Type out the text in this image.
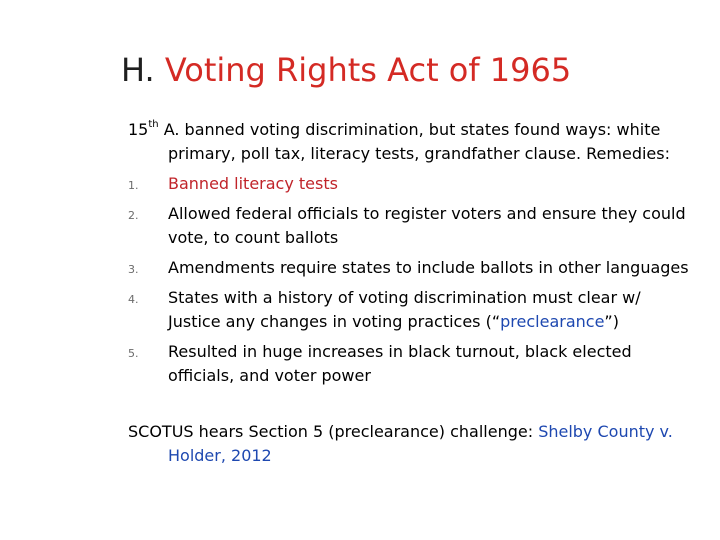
H. Voting Rights Act of 1965
15th A. banned voting discrimination, but states found ways: white primary, poll tax, literacy tests, grandfather clause. Remedies:
1. Banned literacy tests
2. Allowed federal officials to register voters and ensure they could vote, to count ballots
3. Amendments require states to include ballots in other languages
4. States with a history of voting discrimination must clear w/ Justice any changes in voting practices (“preclearance”)
5. Resulted in huge increases in black turnout, black elected officials, and voter power
SCOTUS hears Section 5 (preclearance) challenge: Shelby County v. Holder, 2012
